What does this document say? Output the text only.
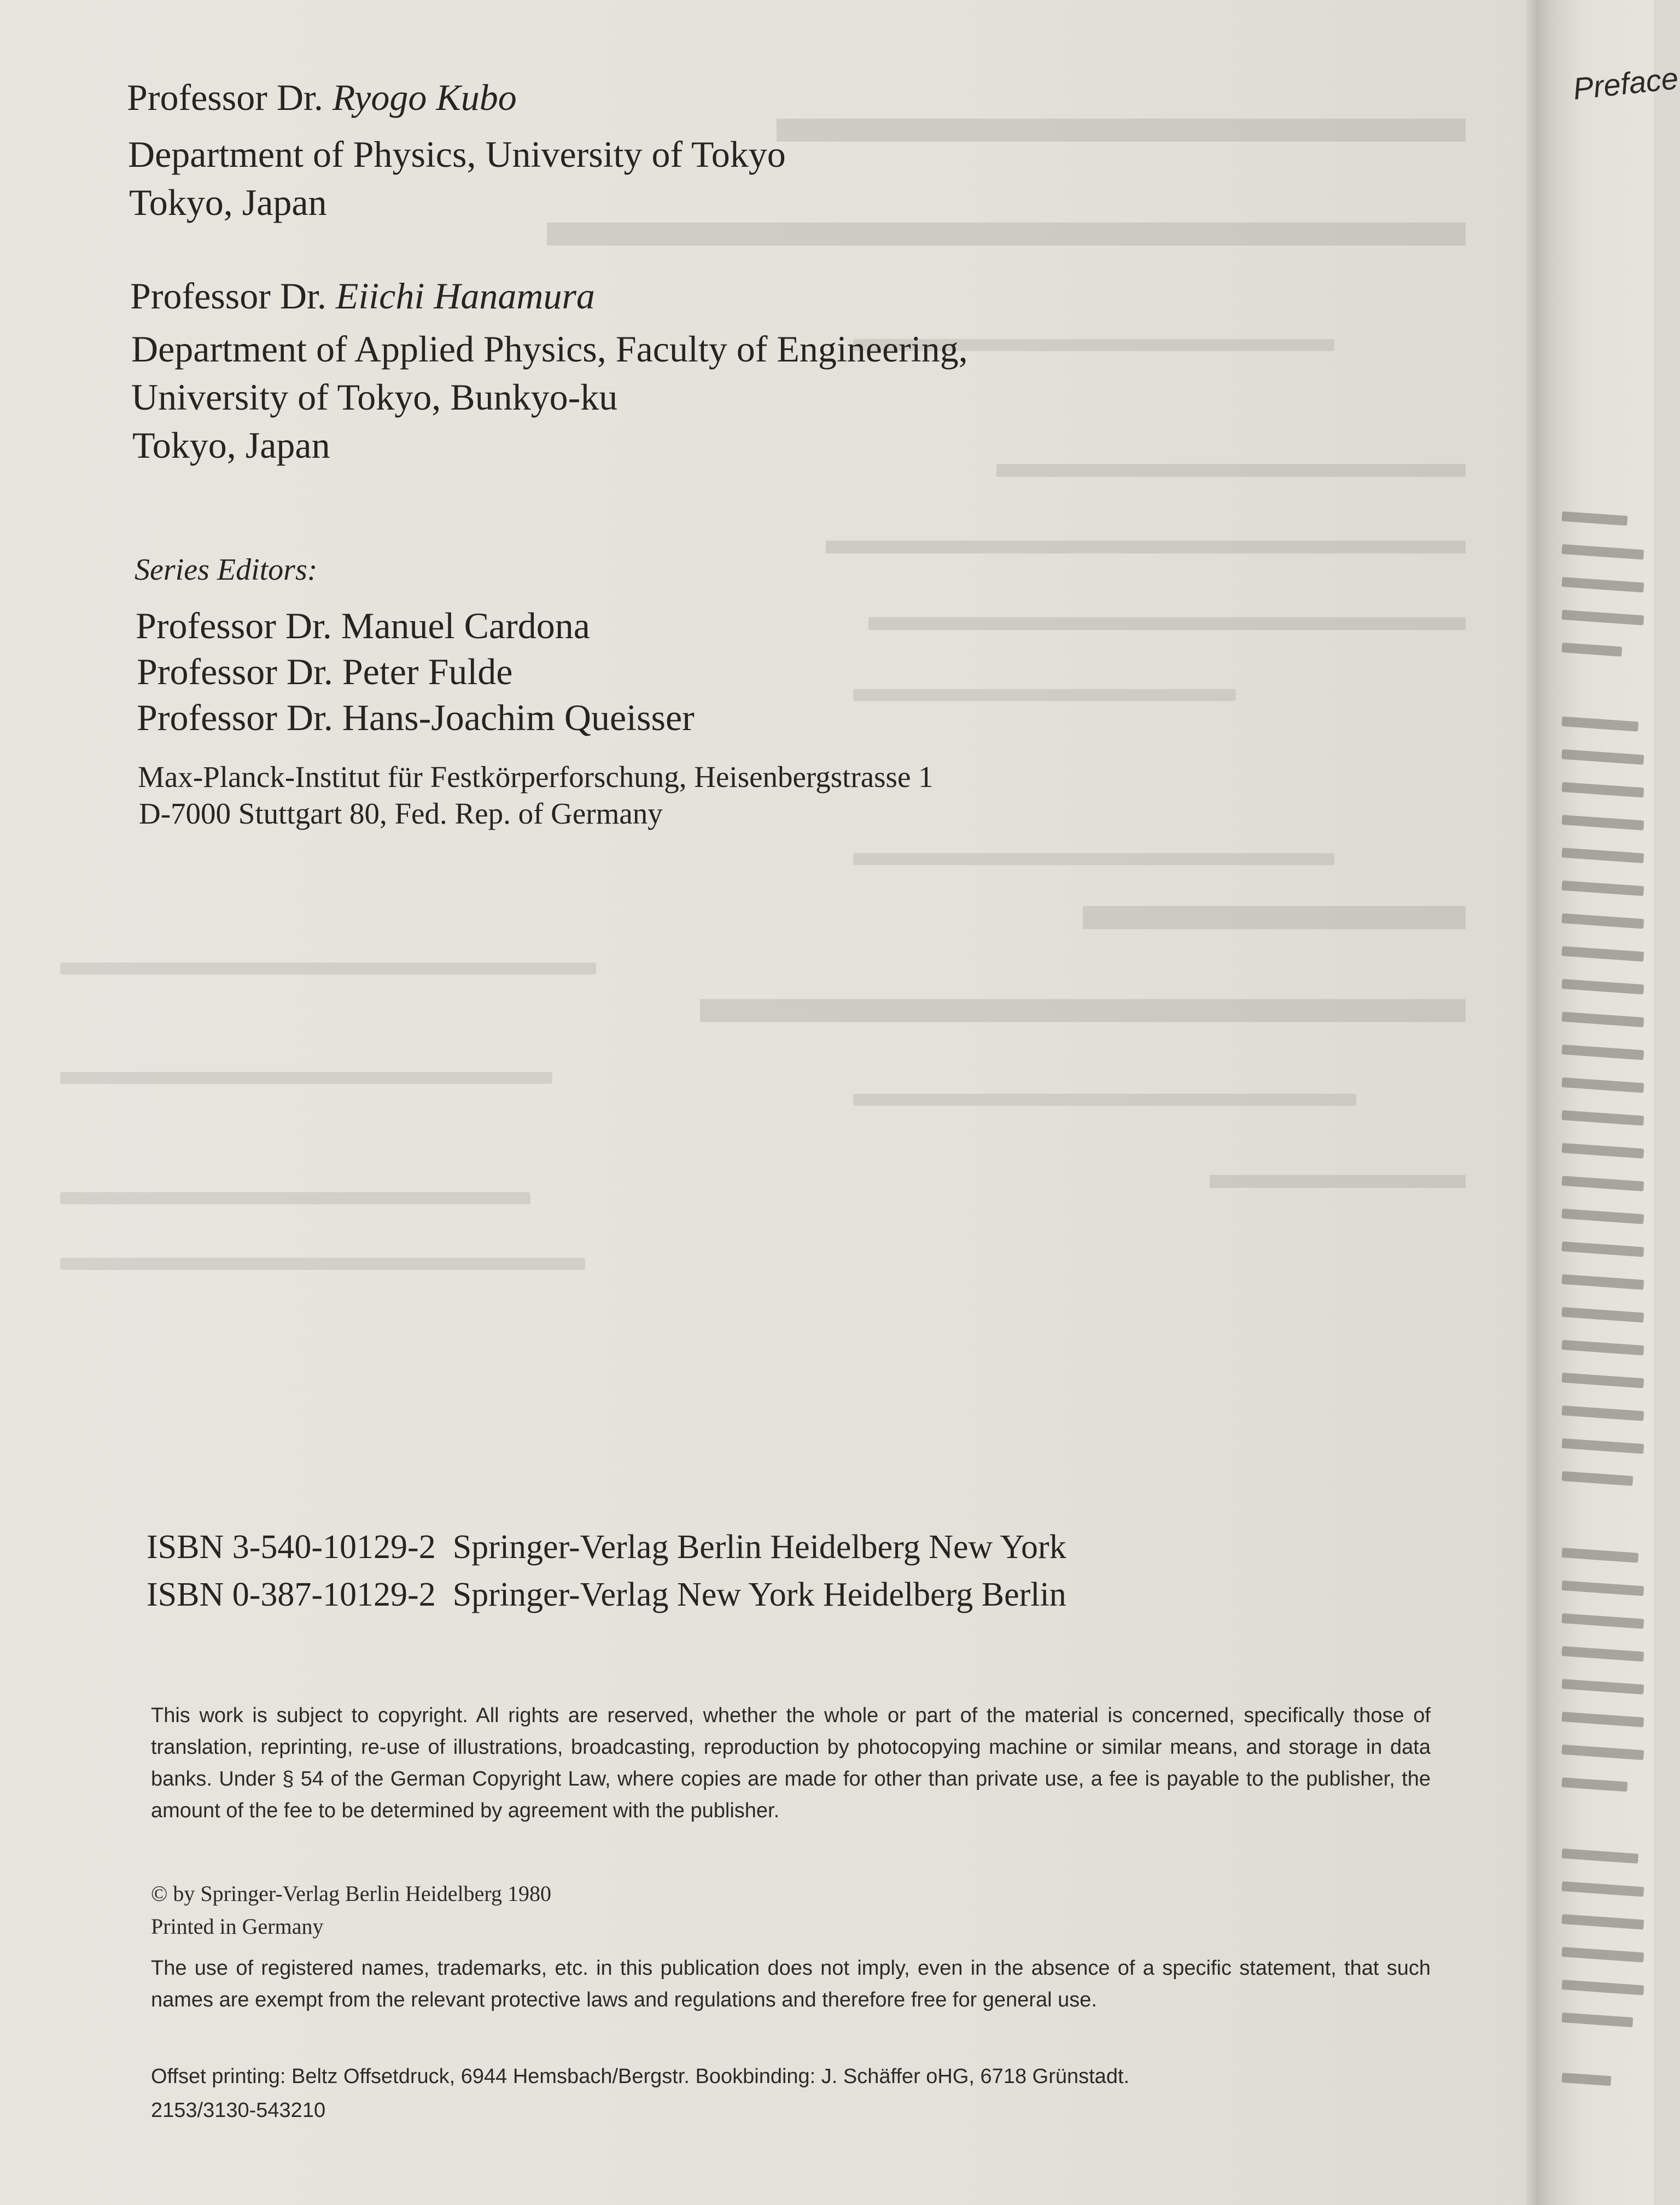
▬▬▬▬▬▬▬▬▬
▬▬▬▬▬▬▬▬▬▬▬▬
▬▬▬▬▬▬▬▬▬▬▬
▬▬▬▬▬▬▬▬▬▬▬▬▬▬▬
▬▬▬▬▬▬▬▬▬▬▬▬▬▬
▬▬▬▬▬
▬▬▬▬▬▬▬▬▬▬
▬▬▬▬▬▬
Professor Dr. Ryogo Kubo
Department of Physics, University of Tokyo
Tokyo, Japan
Professor Dr. Eiichi Hanamura
Department of Applied Physics, Faculty of Engineering,
University of Tokyo, Bunkyo-ku
Tokyo, Japan
Series Editors:
Professor Dr. Manuel Cardona
Professor Dr. Peter Fulde
Professor Dr. Hans-Joachim Queisser
Max-Planck-Institut für Festkörperforschung, Heisenbergstrasse 1
D-7000 Stuttgart 80, Fed. Rep. of Germany
ISBN 3-540-10129-2 Springer-Verlag Berlin Heidelberg New York
ISBN 0-387-10129-2 Springer-Verlag New York Heidelberg Berlin
This work is subject to copyright. All rights are reserved, whether the whole or part of the material is concerned, specifically those of translation, reprinting, re-use of illustrations, broadcasting, reproduction by photocopying machine or similar means, and storage in data banks. Under § 54 of the German Copyright Law, where copies are made for other than private use, a fee is payable to the publisher, the amount of the fee to be determined by agreement with the publisher.
© by Springer-Verlag Berlin Heidelberg 1980
Printed in Germany
The use of registered names, trademarks, etc. in this publication does not imply, even in the absence of a specific statement, that such names are exempt from the relevant protective laws and regulations and therefore free for general use.
Offset printing: Beltz Offsetdruck, 6944 Hemsbach/Bergstr. Bookbinding: J. Schäffer oHG, 6718 Grünstadt.
2153/3130-543210
Preface
